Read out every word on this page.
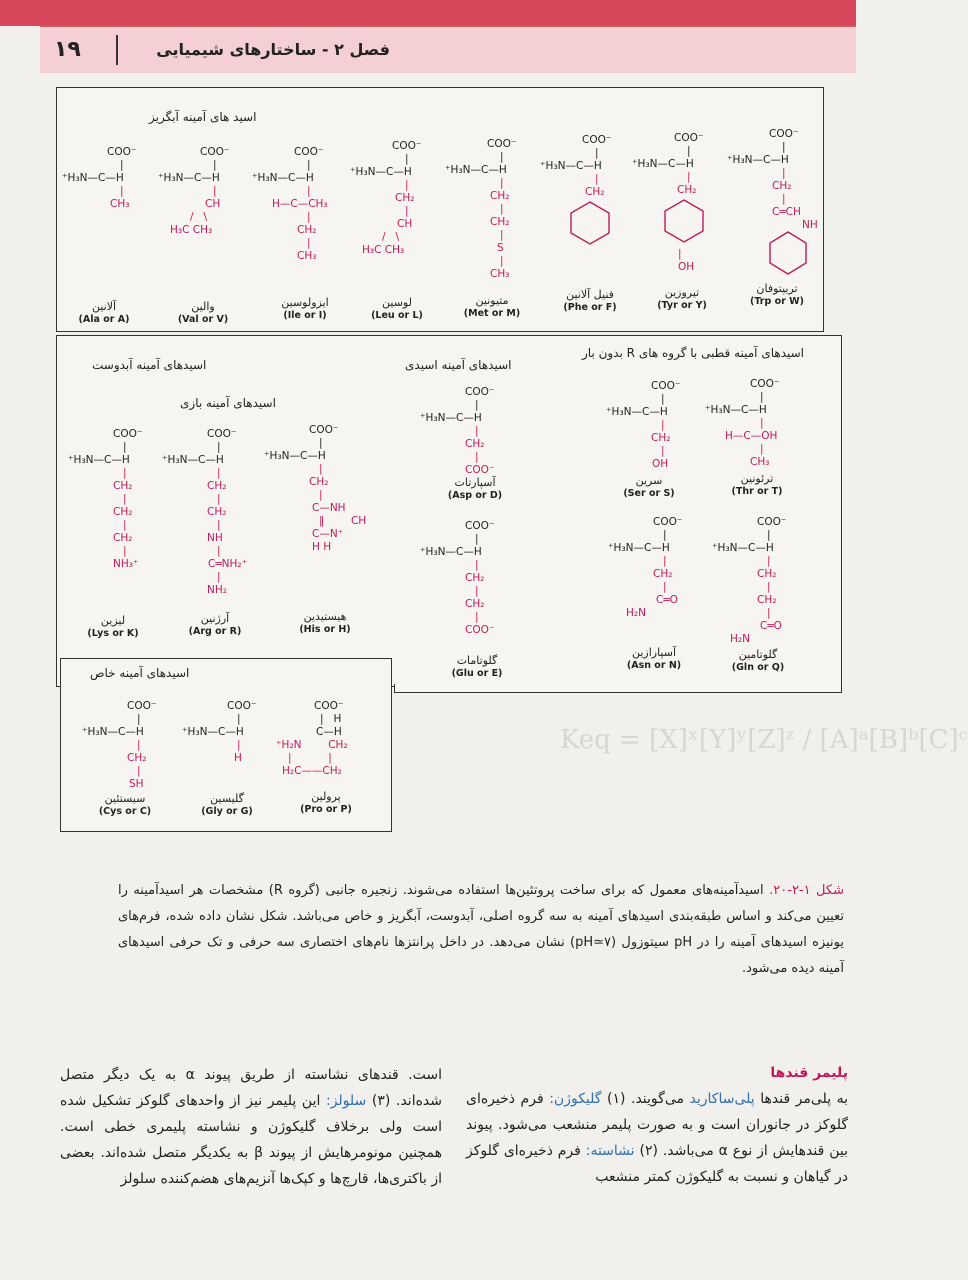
۱۹	فصل ۲ - ساختارهای شیمیایی
Keq = [X]ˣ[Y]ʸ[Z]ᶻ / [A]ᵃ[B]ᵇ[C]ᶜ
اسید های آمینه آبگریز
COO⁻
|
⁺H₃N—C—H
|
CH₃
آلانین
(Ala or A)
COO⁻
|
⁺H₃N—C—H
|
CH
/   \
H₃C CH₃
والین
(Val or V)
COO⁻
|
⁺H₃N—C—H
|
H—C—CH₃
|
CH₂
|
CH₃
ایزولوسین
(Ile or I)
COO⁻
|
⁺H₃N—C—H
|
CH₂
|
CH
/   \
H₃C CH₃
لوسین
(Leu or L)
COO⁻
|
⁺H₃N—C—H
|
CH₂
|
CH₂
|
S
|
CH₃
متیونین
(Met or M)
COO⁻
|
⁺H₃N—C—H
|
CH₂
فنیل آلانین
(Phe or F)
COO⁻
|
⁺H₃N—C—H
|
CH₂
|
OH
تیروزین
(Tyr or Y)
COO⁻
|
⁺H₃N—C—H
|
CH₂
|
C═CH
NH
تریپتوفان
(Trp or W)
اسیدهای آمینه آبدوست
اسیدهای آمینه قطبی با گروه های R بدون بار
اسیدهای آمینه اسیدی
اسیدهای آمینه بازی
COO⁻
|
⁺H₃N—C—H
|
CH₂
|
CH₂
|
CH₂
|
NH₃⁺
لیزین
(Lys or K)
COO⁻
|
⁺H₃N—C—H
|
CH₂
|
CH₂
|
NH
|
C═NH₂⁺
|
NH₂
آرژنین
(Arg or R)
COO⁻
|
⁺H₃N—C—H
|
CH₂
|
C—NH
‖        CH
C—N⁺
H H
هیستیدین
(His or H)
COO⁻
|
⁺H₃N—C—H
|
CH₂
|
COO⁻
آسپارتات
(Asp or D)
COO⁻
|
⁺H₃N—C—H
|
CH₂
|
CH₂
|
COO⁻
گلوتامات
(Glu or E)
COO⁻
|
⁺H₃N—C—H
|
CH₂
|
OH
سرین
(Ser or S)
COO⁻
|
⁺H₃N—C—H
|
H—C—OH
|
CH₃
ترئونین
(Thr or T)
COO⁻
|
⁺H₃N—C—H
|
CH₂
|
C═O
H₂N
آسپارازین
(Asn or N)
COO⁻
|
⁺H₃N—C—H
|
CH₂
|
CH₂
|
C═O
H₂N
گلوتامین
(Gln or Q)
اسیدهای آمینه خاص
COO⁻
|
⁺H₃N—C—H
|
CH₂
|
SH
سیستئین
(Cys or C)
COO⁻
|
⁺H₃N—C—H
|
H
گلیسین
(Gly or G)
COO⁻
|   H
C—H
⁺H₂N	CH₂
|           |
H₂C——CH₂
پرولین
(Pro or P)
شکل ۱-۲-۲۰. اسیدآمینه‌های معمول که برای ساخت پروتئین‌ها استفاده می‌شوند. زنجیره جانبی (گروه R) مشخصات هر اسیدآمینه را تعیین می‌کند و اساس طبقه‌بندی اسیدهای آمینه به سه گروه اصلی، آبدوست، آبگریز و خاص می‌باشد. شکل نشان داده شده، فرم‌های یونیزه اسیدهای آمینه را در pH سیتوزول (pH≃۷) نشان می‌دهد. در داخل پرانتزها نام‌های اختصاری سه حرفی و تک حرفی اسیدهای آمینه دیده می‌شود.
پلیمر قندها
به پلی‌مر قندها پلی‌ساکارید می‌گویند. (۱) گلیکوژن: فرم ذخیره‌ای گلوکز در جانوران است و به صورت پلیمر منشعب می‌شود. پیوند بین قندهایش از نوع α می‌باشد. (۲) نشاسته: فرم ذخیره‌ای گلوکز در گیاهان و نسبت به گلیکوژن کمتر منشعب
است. قندهای نشاسته از طریق پیوند α به یک دیگر متصل شده‌اند. (۳) سلولز: این پلیمر نیز از واحدهای گلوکز تشکیل شده است ولی برخلاف گلیکوژن و نشاسته پلیمری خطی است. همچنین مونومرهایش از پیوند β به یکدیگر متصل شده‌اند. بعضی از باکتری‌ها، قارچ‌ها و کپک‌ها آنزیم‌های هضم‌کننده سلولز
